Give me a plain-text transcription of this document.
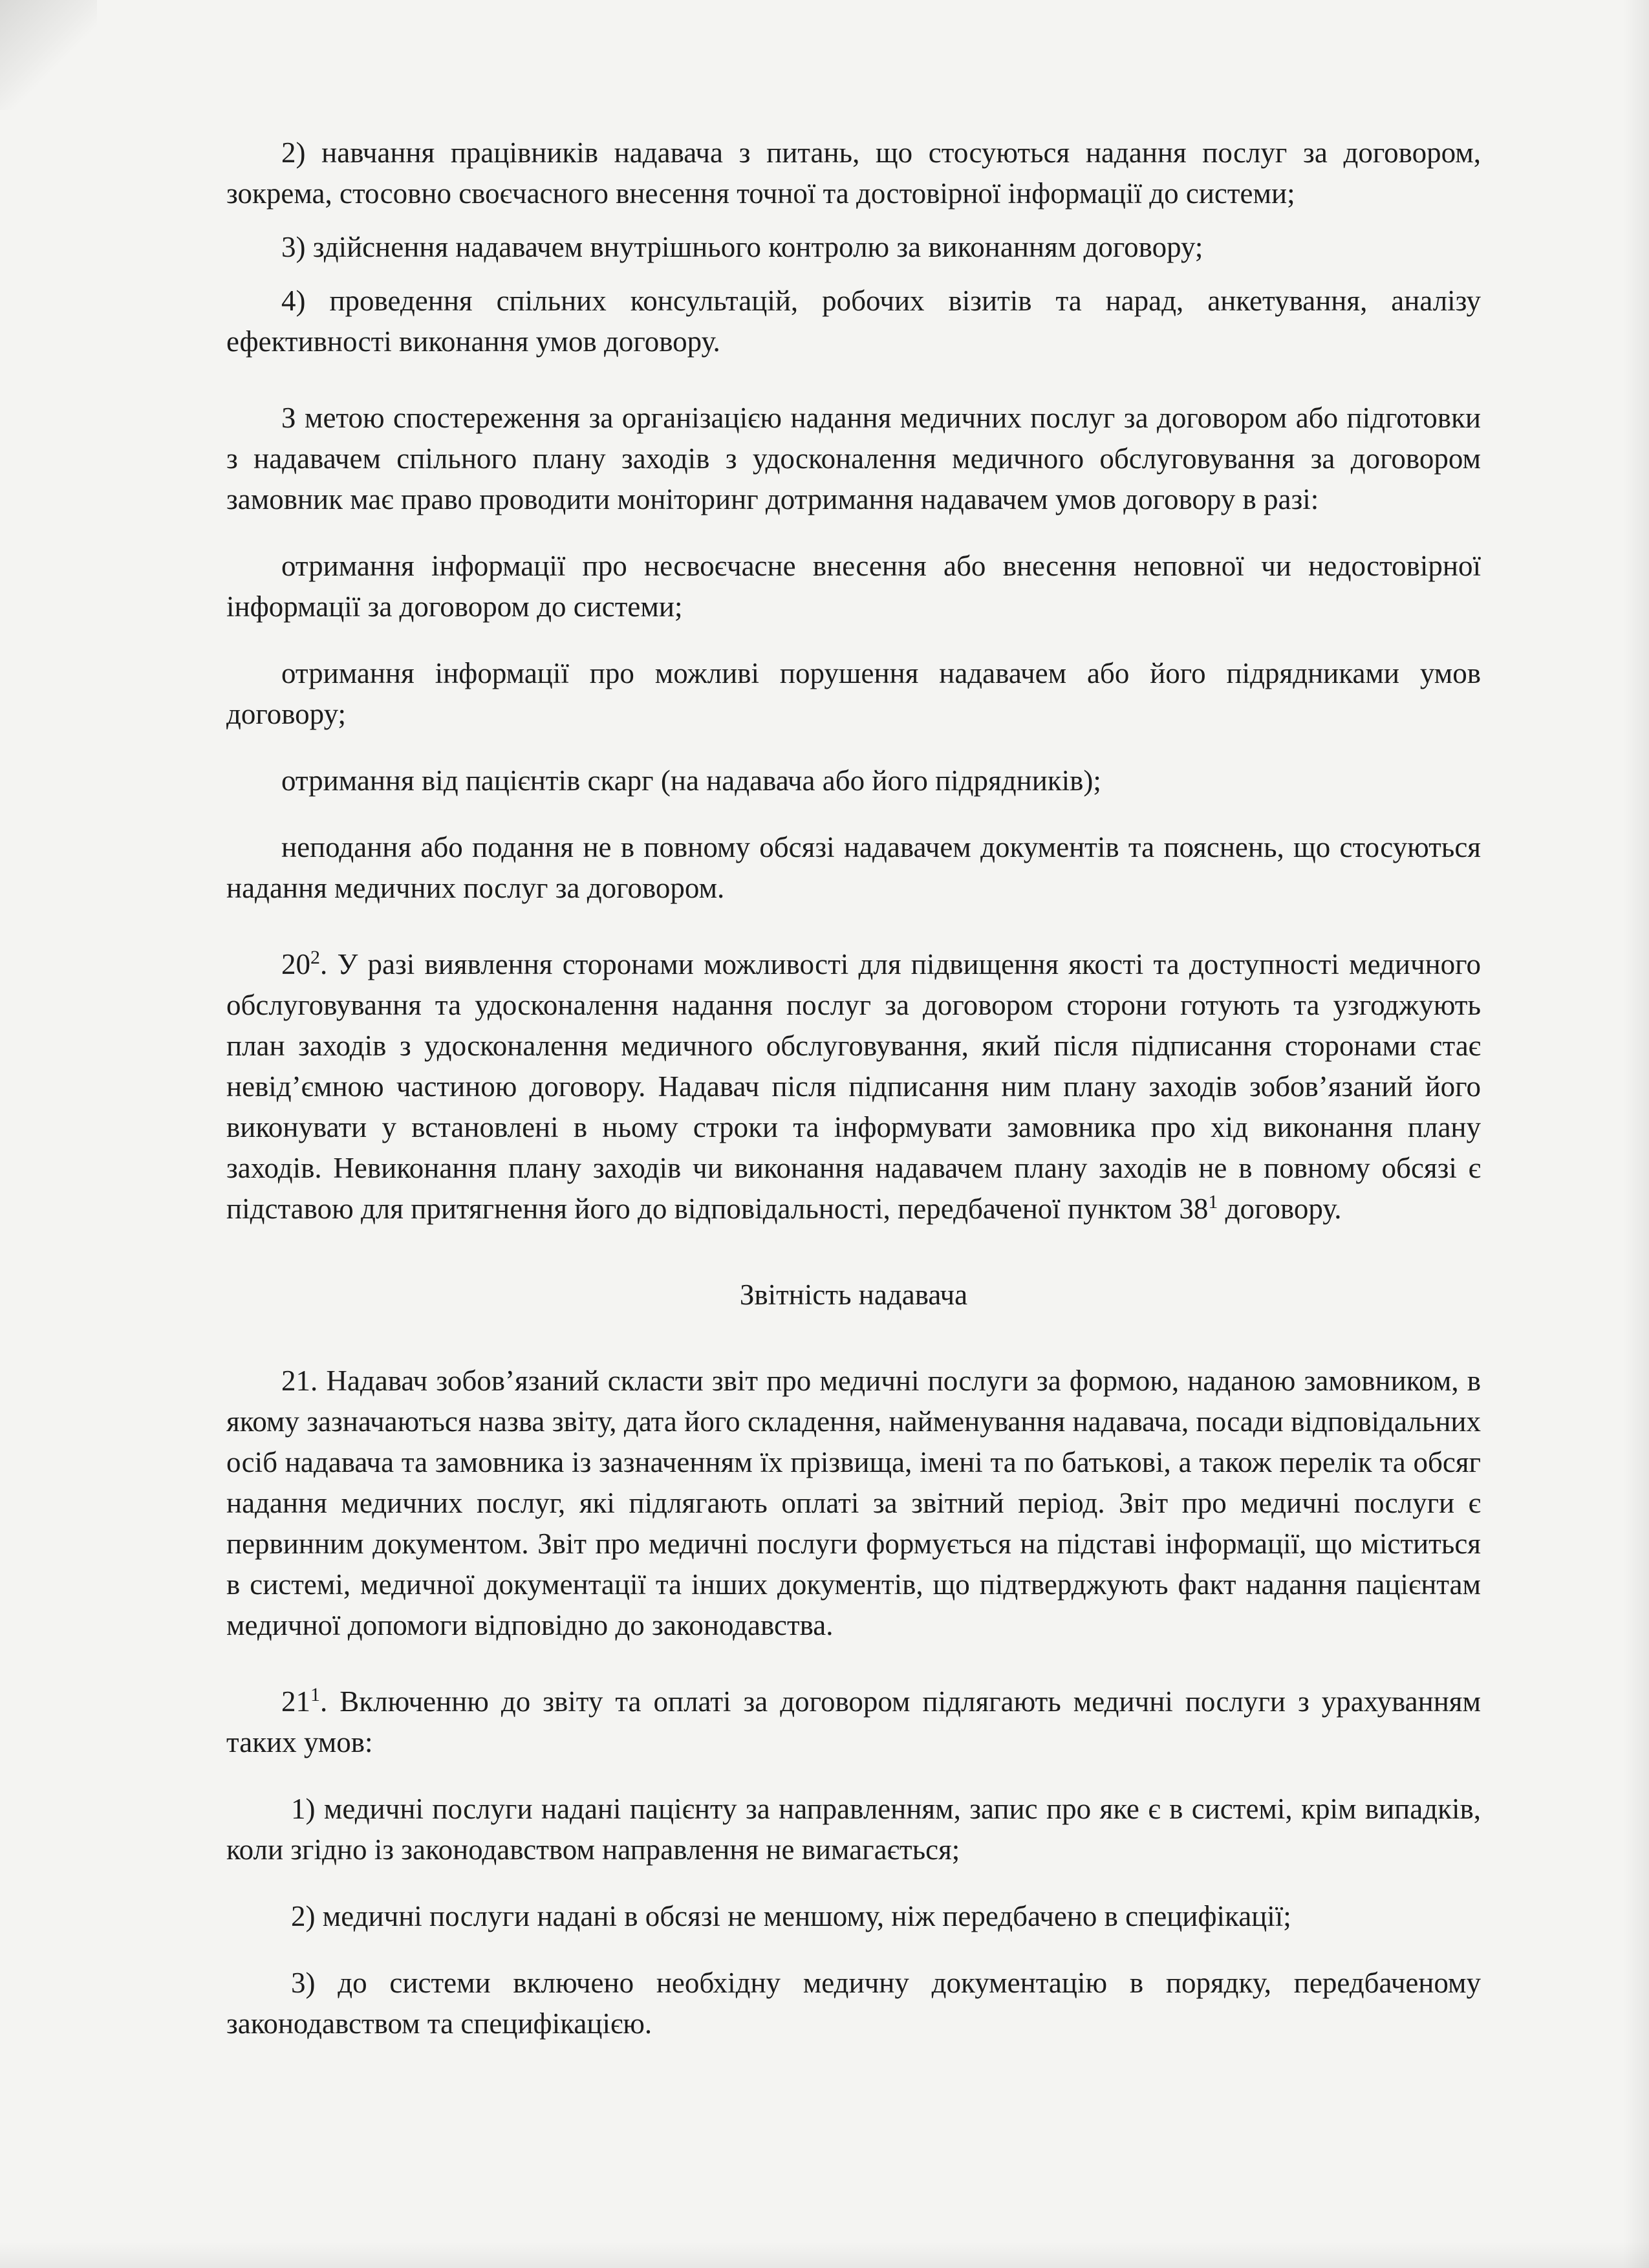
2) навчання працівників надавача з питань, що стосуються надання послуг за договором, зокрема, стосовно своєчасного внесення точної та достовірної інформації до системи;

3) здійснення надавачем внутрішнього контролю за виконанням договору;

4) проведення спільних консультацій, робочих візитів та нарад, анкетування, аналізу ефективності виконання умов договору.

З метою спостереження за організацією надання медичних послуг за договором або підготовки з надавачем спільного плану заходів з удосконалення медичного обслуговування за договором замовник має право проводити моніторинг дотримання надавачем умов договору в разі:

отримання інформації про несвоєчасне внесення або внесення неповної чи недостовірної інформації за договором до системи;

отримання інформації про можливі порушення надавачем або його підрядниками умов договору;

отримання від пацієнтів скарг (на надавача або його підрядників);

неподання або подання не в повному обсязі надавачем документів та пояснень, що стосуються надання медичних послуг за договором.

$20^2$. У разі виявлення сторонами можливості для підвищення якості та доступності медичного обслуговування та удосконалення надання послуг за договором сторони готують та узгоджують план заходів з удосконалення медичного обслуговування, який після підписання сторонами стає невід’ємною частиною договору. Надавач після підписання ним плану заходів зобов’язаний його виконувати у встановлені в ньому строки та інформувати замовника про хід виконання плану заходів. Невиконання плану заходів чи виконання надавачем плану заходів не в повному обсязі є підставою для притягнення його до відповідальності, передбаченої пунктом $38^1$ договору.

Звітність надавача

21. Надавач зобов’язаний скласти звіт про медичні послуги за формою, наданою замовником, в якому зазначаються назва звіту, дата його складення, найменування надавача, посади відповідальних осіб надавача та замовника із зазначенням їх прізвища, імені та по батькові, а також перелік та обсяг надання медичних послуг, які підлягають оплаті за звітний період. Звіт про медичні послуги є первинним документом. Звіт про медичні послуги формується на підставі інформації, що міститься в системі, медичної документації та інших документів, що підтверджують факт надання пацієнтам медичної допомоги відповідно до законодавства.

$21^1$. Включенню до звіту та оплаті за договором підлягають медичні послуги з урахуванням таких умов:

1) медичні послуги надані пацієнту за направленням, запис про яке є в системі, крім випадків, коли згідно із законодавством направлення не вимагається;

2) медичні послуги надані в обсязі не меншому, ніж передбачено в специфікації;

3) до системи включено необхідну медичну документацію в порядку, передбаченому законодавством та специфікацією.
